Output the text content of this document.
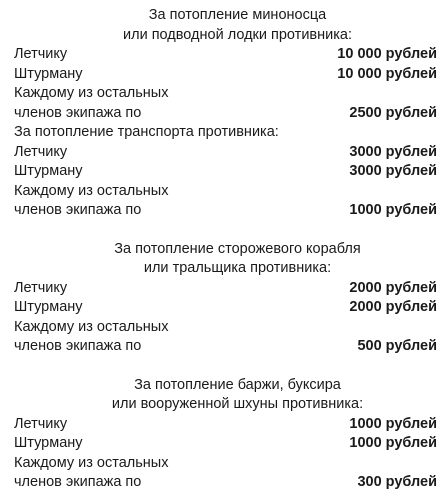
За потопление миноносца
или подводной лодки противника:
Летчику	10 000 рублей
Штурману	10 000 рублей
Каждому из остальных
членов экипажа по	2500 рублей
За потопление транспорта противника:
Летчику	3000 рублей
Штурману	3000 рублей
Каждому из остальных
членов экипажа по	1000 рублей
За потопление сторожевого корабля
или тральщика противника:
Летчику	2000 рублей
Штурману	2000 рублей
Каждому из остальных
членов экипажа по	500 рублей
За потопление баржи, буксира
или вооруженной шхуны противника:
Летчику	1000 рублей
Штурману	1000 рублей
Каждому из остальных
членов экипажа по	300 рублей
